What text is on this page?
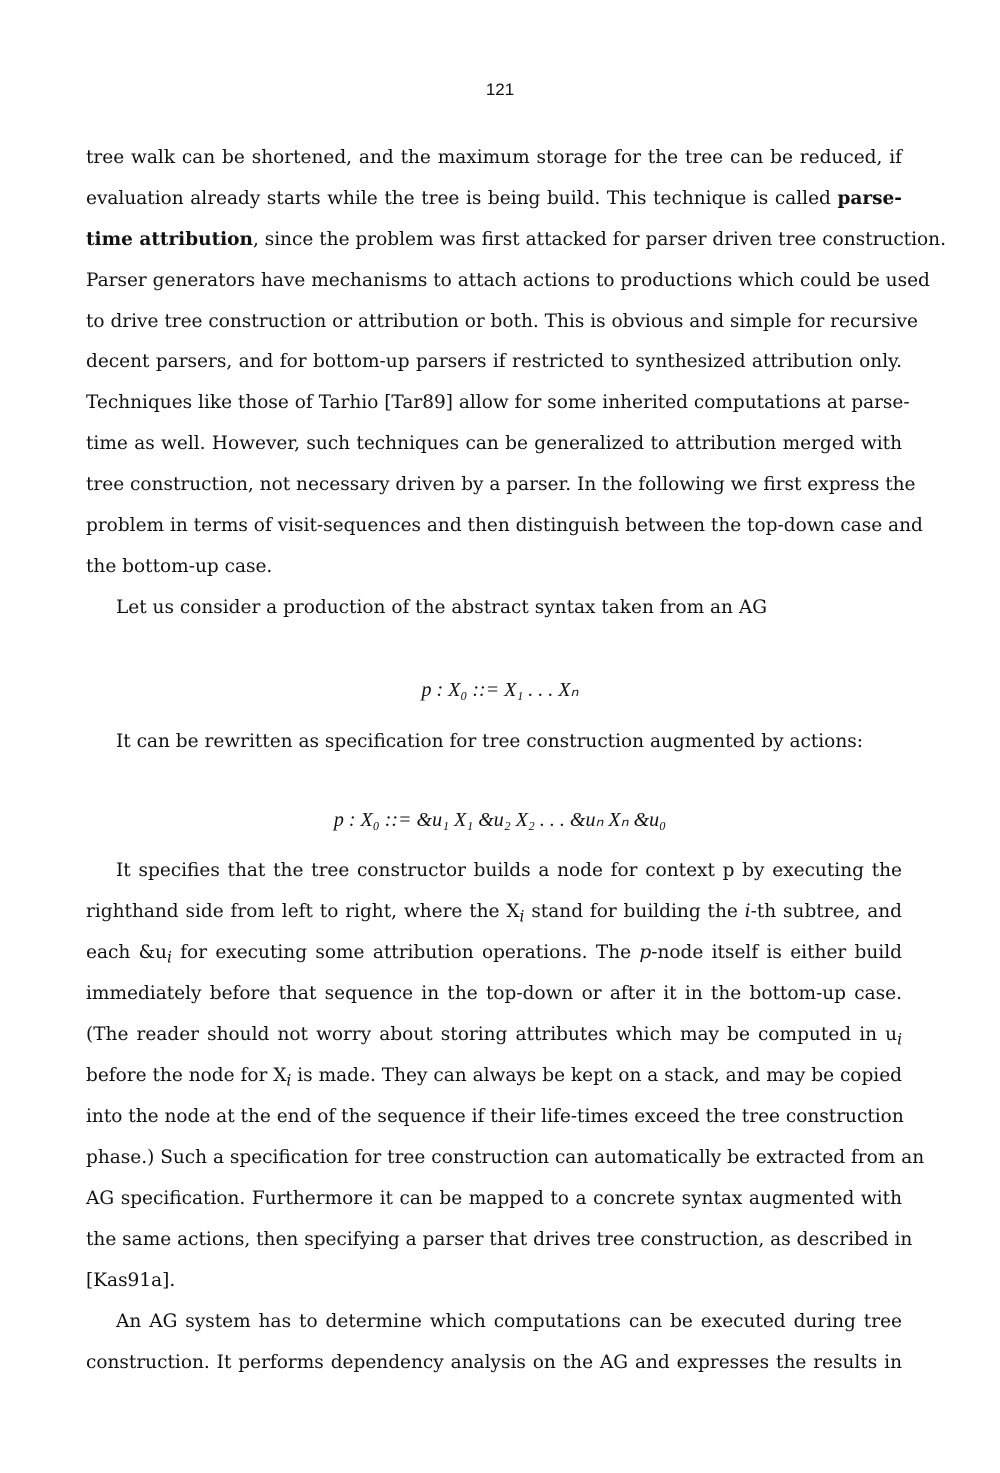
121
tree walk can be shortened, and the maximum storage for the tree can be reduced, if
evaluation already starts while the tree is being build. This technique is called parse-
time attribution, since the problem was first attacked for parser driven tree construction.
Parser generators have mechanisms to attach actions to productions which could be used
to drive tree construction or attribution or both. This is obvious and simple for recursive
decent parsers, and for bottom-up parsers if restricted to synthesized attribution only.
Techniques like those of Tarhio [Tar89] allow for some inherited computations at parse-
time as well. However, such techniques can be generalized to attribution merged with
tree construction, not necessary driven by a parser. In the following we first express the
problem in terms of visit-sequences and then distinguish between the top-down case and
the bottom-up case.
Let us consider a production of the abstract syntax taken from an AG
p : X₀ ::= X₁ . . . Xₙ
It can be rewritten as specification for tree construction augmented by actions:
p : X₀ ::= &u₁ X₁ &u₂ X₂ . . . &uₙ Xₙ &u₀
It specifies that the tree constructor builds a node for context p by executing the
righthand side from left to right, where the $X_i$ stand for building the i-th subtree, and
each $\&u_i$ for executing some attribution operations. The p-node itself is either build
immediately before that sequence in the top-down or after it in the bottom-up case.
(The reader should not worry about storing attributes which may be computed in $u_i$
before the node for $X_i$ is made. They can always be kept on a stack, and may be copied
into the node at the end of the sequence if their life-times exceed the tree construction
phase.) Such a specification for tree construction can automatically be extracted from an
AG specification. Furthermore it can be mapped to a concrete syntax augmented with
the same actions, then specifying a parser that drives tree construction, as described in
[Kas91a].
An AG system has to determine which computations can be executed during tree
construction. It performs dependency analysis on the AG and expresses the results in
